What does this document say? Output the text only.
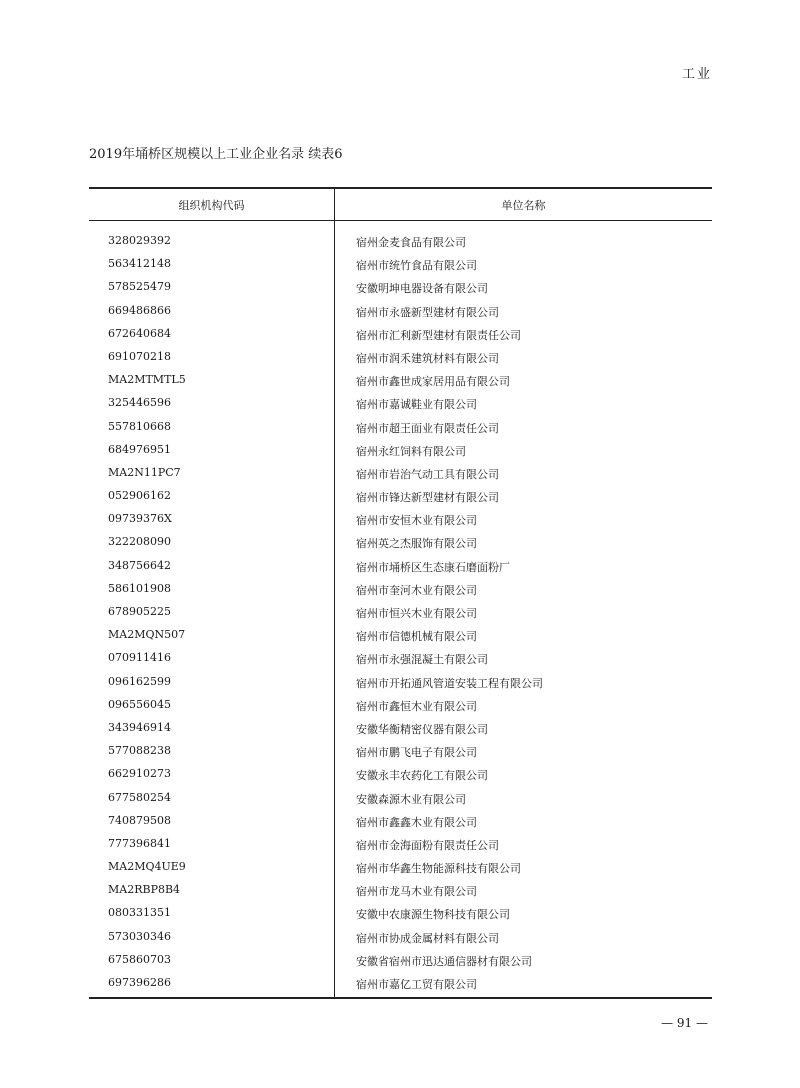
工业
2019年埇桥区规模以上工业企业名录 续表6
组织机构代码	单位名称
328029392	宿州金麦食品有限公司
563412148	宿州市统竹食品有限公司
578525479	安徽明坤电器设备有限公司
669486866	宿州市永盛新型建材有限公司
672640684	宿州市汇利新型建材有限责任公司
691070218	宿州市润禾建筑材料有限公司
MA2MTMTL5	宿州市鑫世成家居用品有限公司
325446596	宿州市嘉诚鞋业有限公司
557810668	宿州市超王面业有限责任公司
684976951	宿州永红饲料有限公司
MA2N11PC7	宿州市岩治气动工具有限公司
052906162	宿州市锋达新型建材有限公司
09739376X	宿州市安恒木业有限公司
322208090	宿州英之杰服饰有限公司
348756642	宿州市埇桥区生态康石磨面粉厂
586101908	宿州市奎河木业有限公司
678905225	宿州市恒兴木业有限公司
MA2MQN507	宿州市信德机械有限公司
070911416	宿州市永强混凝土有限公司
096162599	宿州市开拓通风管道安装工程有限公司
096556045	宿州市鑫恒木业有限公司
343946914	安徽华衡精密仪器有限公司
577088238	宿州市鹏飞电子有限公司
662910273	安徽永丰农药化工有限公司
677580254	安徽森源木业有限公司
740879508	宿州市鑫鑫木业有限公司
777396841	宿州市金海面粉有限责任公司
MA2MQ4UE9	宿州市华鑫生物能源科技有限公司
MA2RBP8B4	宿州市龙马木业有限公司
080331351	安徽中农康源生物科技有限公司
573030346	宿州市协成金属材料有限公司
675860703	安徽省宿州市迅达通信器材有限公司
697396286	宿州市嘉亿工贸有限公司
— 91 —
